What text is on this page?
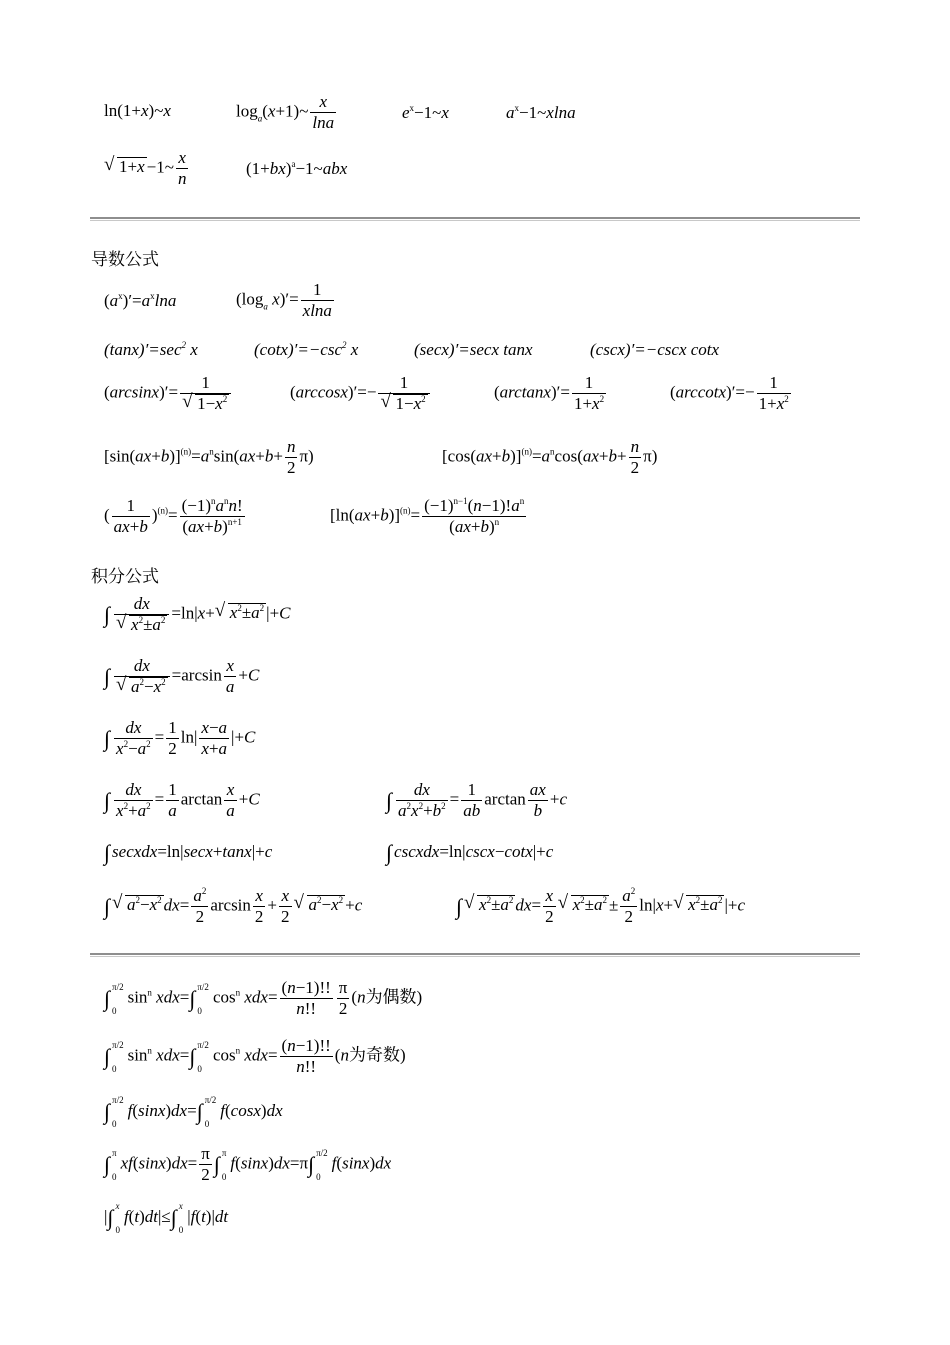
ln(1+x)~x	$\log_a(x+1)\sim \frac{x}{\ln a}$	$e^x-1\sim x$	$a^x-1\sim xlna$
√ 1+x −1~ $\frac{x}{n}$	$(1+bx)^a-1\sim abx$
导数公式
$(a^x)'=a^x\ln a$	($\log_a$ $x)'= \frac{1}{xlna}$
$(\tan x)'=\sec^2$ x	$(\cot x)'=-\csc^2$ x	(secx)′=secx tanx	(cscx)′=−cscx cotx
(arcsinx)′= 1
√ $1-x^2$	(arccosx)′=− 1
√ $1-x^2$	$(\arctan x)'= \frac{1}{1+x^2}$	$(arccotx)'=- \frac{1}{1+x^2}$
$[\sin(ax+b)]^{(n)}=a^n\sin(ax+b+ \frac{n}{2} \pi)$	$[\cos(ax+b)]^{(n)}=a^n\cos(ax+b+ \frac{n}{2} \pi)$
( $\frac{1}{ax+b} )^{(n)}= (-1)^na^nn$!
$(ax+b)^{n+1}$	$[\ln(ax+b)]^{(n)}= \frac{(-1)^{n-1}(n-1)!a^n}{(ax+b)^n}$
积分公式
∫ dx
√ $x^2\pm a^2 =\ln|x+√$ $x^2\pm a^2$ |+C
∫ dx
√ $a^2-x^2 =\arcsin \frac{x}{a} +C$
∫ $\frac{dx}{x^2-a^2} = \frac{1}{2} \ln| \frac{x-a}{x+a} |+C$
∫ $\frac{dx}{x^2+a^2} = \frac{1}{a}$ $\arctan \frac{x}{a} +C$	∫ $\frac{dx}{a^2x^2+b^2} = \frac{1}{ab}$ $\arctan \frac{ax}{b} +c$
∫ secxdx=ln|secx+tanx|+c	∫ cscxdx=ln|cscx−cotx|+c
∫√ $a^2-x^2$ $dx= \frac{a^2}{2}$ $\arcsin \frac{x}{2} + \frac{x}{2}$
√ $a^2-x^2 +c$	∫√ $x^2\pm a^2$ $dx= \frac{x}{2}$
√ $x^2\pm a^2 \pm \frac{a^2}{2} \ln|x+√$ $x^2\pm a^2$ |+c
∫ π/2

$0\sin^n$ xdx=∫ π/2

$0\cos^n$ $xdx= \frac{(n-1)!!}{n!!} \frac{\pi}{2} (n$为偶数)
∫ π/2

$0\sin^n$ xdx=∫ π/2

$0\cos^n$ $xdx= \frac{(n-1)!!}{n!!} (n$为奇数)
∫ π/2

0f(sinx)dx=∫ π/2

0f(cosx)dx
∫ π

$0xf(\sin x)dx= \frac{\pi}{2}$ ∫ π

0f(sinx)dx=π∫ π/2

0f(sinx)dx
|∫ x

0f(t)dt|≤∫ x

0|f(t)|dt
